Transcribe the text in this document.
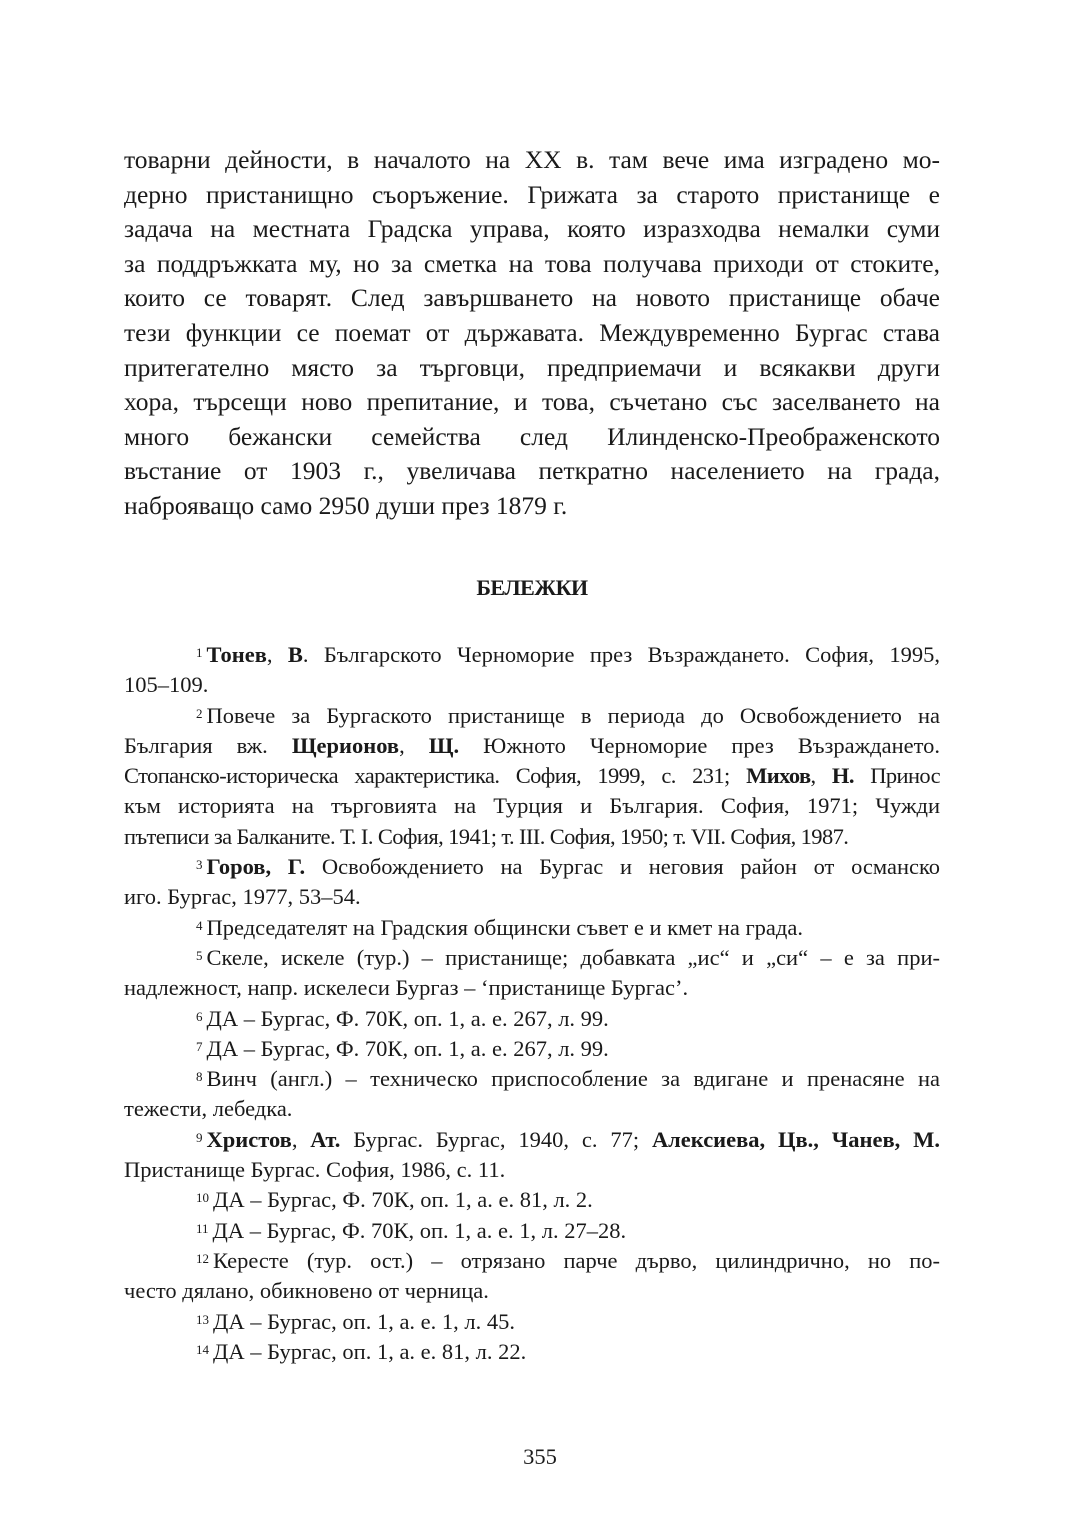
товарни дейности, в началото на XX в. там вече има изградено мо-
дерно пристанищно съоръжение. Грижата за старото пристанище е
задача на местната Градска управа, която изразходва немалки суми
за поддръжката му, но за сметка на това получава приходи от стоките,
които се товарят. След завършването на новото пристанище обаче
тези функции се поемат от държавата. Междувременно Бургас става
притегателно място за търговци, предприемачи и всякакви други
хора, търсещи ново препитание, и това, съчетано със заселването на
много бежански семейства след Илинденско-Преображенското
въстание от 1903 г., увеличава петкратно населението на града,
наброяващо само 2950 души през 1879 г.

БЕЛЕЖКИ

$^1$ Тонев, В. Българското Черноморие през Възраждането. София, 1995,
105–109.

$^2$ Повече за Бургаското пристанище в периода до Освобождението на
България вж. Щерионов, Щ. Южното Черноморие през Възраждането.
Стопанско-историческа характеристика. София, 1999, с. 231; Михов, Н. Принос
към историята на търговията на Турция и България. София, 1971; Чужди
пътеписи за Балканите. Т. I. София, 1941; т. III. София, 1950; т. VII. София, 1987.

$^3$ Горов, Г. Освобождението на Бургас и неговия район от османско
иго. Бургас, 1977, 53–54.

$^4$ Председателят на Градския общински съвет е и кмет на града.

$^5$ Скеле, искеле (тур.) – пристанище; добавката „ис“ и „си“ – е за при-
надлежност, напр. искелеси Бургаз – ‘пристанище Бургас’.

$^6$ ДА – Бургас, Ф. 70К, оп. 1, а. е. 267, л. 99.

$^7$ ДА – Бургас, Ф. 70К, оп. 1, а. е. 267, л. 99.

$^8$ Винч (англ.) – техническо приспособление за вдигане и пренасяне на
тежести, лебедка.

$^9$ Христов, Ат. Бургас. Бургас, 1940, с. 77; Алексиева, Цв., Чанев, М.
Пристанище Бургас. София, 1986, с. 11.

$^{10}$ ДА – Бургас, Ф. 70К, оп. 1, а. е. 81, л. 2.

$^{11}$ ДА – Бургас, Ф. 70К, оп. 1, а. е. 1, л. 27–28.

$^{12}$ Кересте (тур. ост.) – отрязано парче дърво, цилиндрично, но по-
често дялано, обикновено от черница.

$^{13}$ ДА – Бургас, оп. 1, а. е. 1, л. 45.

$^{14}$ ДА – Бургас, оп. 1, а. е. 81, л. 22.

355
